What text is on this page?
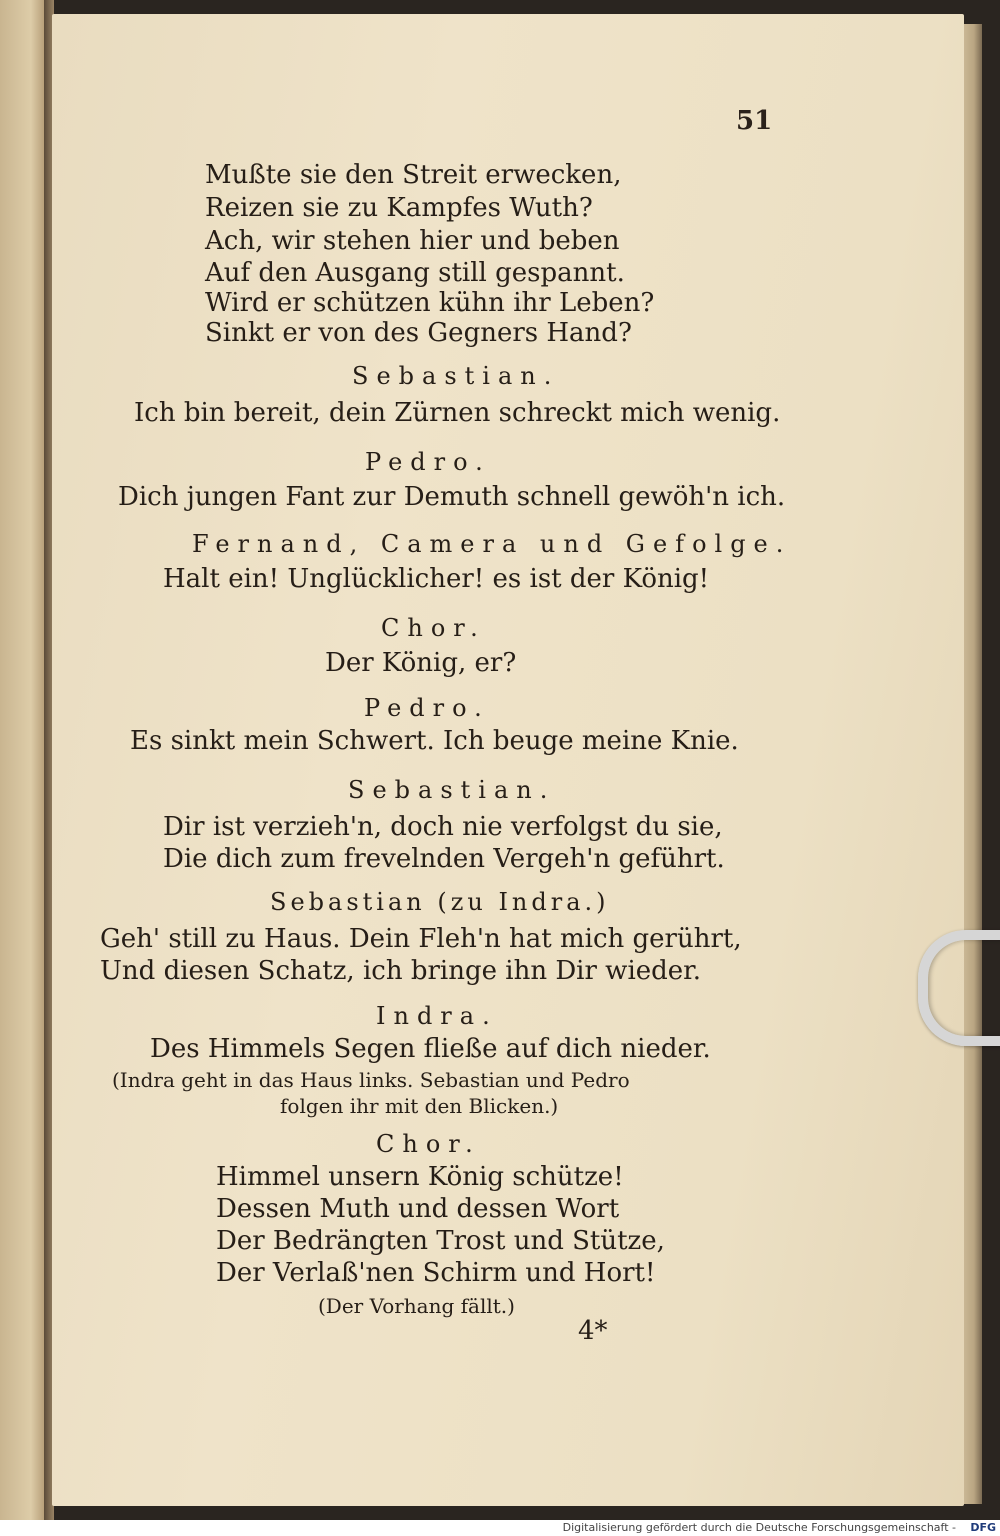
51
Mußte sie den Streit erwecken,
Reizen sie zu Kampfes Wuth?
Ach, wir stehen hier und beben
Auf den Ausgang still gespannt.
Wird er schützen kühn ihr Leben?
Sinkt er von des Gegners Hand?
Sebastian.
Ich bin bereit, dein Zürnen schreckt mich wenig.
Pedro.
Dich jungen Fant zur Demuth schnell gewöh'n ich.
Fernand, Camera und Gefolge.
Halt ein! Unglücklicher! es ist der König!
Chor.
Der König, er?
Pedro.
Es sinkt mein Schwert. Ich beuge meine Knie.
Sebastian.
Dir ist verzieh'n, doch nie verfolgst du sie,
Die dich zum frevelnden Vergeh'n geführt.
Sebastian (zu Indra.)
Geh' still zu Haus. Dein Fleh'n hat mich gerührt,
Und diesen Schatz, ich bringe ihn Dir wieder.
Indra.
Des Himmels Segen fließe auf dich nieder.
(Indra geht in das Haus links. Sebastian und Pedro
folgen ihr mit den Blicken.)
Chor.
Himmel unsern König schütze!
Dessen Muth und dessen Wort
Der Bedrängten Trost und Stütze,
Der Verlaß'nen Schirm und Hort!
(Der Vorhang fällt.)
4*
Digitalisierung gefördert durch die Deutsche Forschungsgemeinschaft - DFG
